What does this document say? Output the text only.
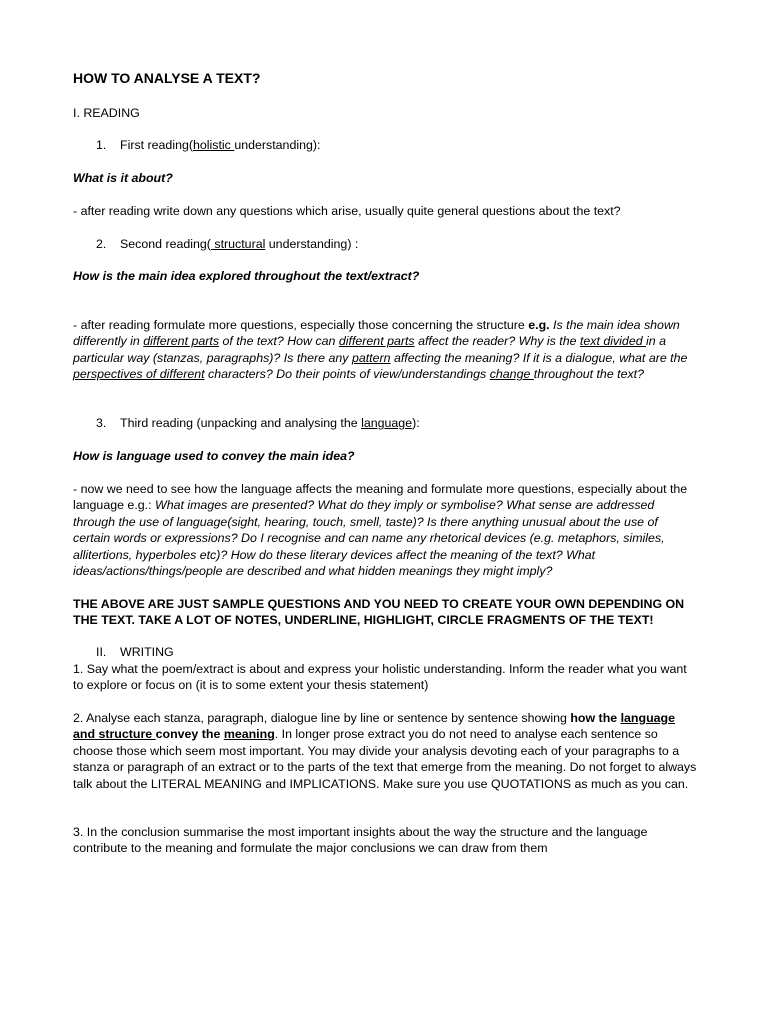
HOW TO ANALYSE A TEXT?
I. READING
1. First reading(holistic understanding):
What is it about?
- after reading write down any questions which arise, usually quite general questions about the text?
2. Second reading( structural understanding) :
How is the main idea explored throughout the text/extract?
- after reading formulate more questions, especially those concerning the structure e.g. Is the main idea shown differently in different parts of the text? How can different parts affect the reader? Why is the text divided in a particular way (stanzas, paragraphs)? Is there any pattern affecting the meaning? If it is a dialogue, what are the perspectives of different characters? Do their points of view/understandings change throughout the text?
3. Third reading (unpacking and analysing the language):
How is language used to convey the main idea?
- now we need to see how the language affects the meaning and formulate more questions, especially about the language e.g.: What images are presented? What do they imply or symbolise? What sense are addressed through the use of language(sight, hearing, touch, smell, taste)? Is there anything unusual about the use of certain words or expressions? Do I recognise and can name any rhetorical devices (e.g. metaphors, similes, allitertions, hyperboles etc)? How do these literary devices affect the meaning of the text? What ideas/actions/things/people are described and what hidden meanings they might imply?
THE ABOVE ARE JUST SAMPLE QUESTIONS AND YOU NEED TO CREATE YOUR OWN DEPENDING ON THE TEXT. TAKE A LOT OF NOTES, UNDERLINE, HIGHLIGHT, CIRCLE FRAGMENTS OF THE TEXT!
II. WRITING
1. Say what the poem/extract is about and express your holistic understanding. Inform the reader what you want to explore or focus on (it is to some extent your thesis statement)
2. Analyse each stanza, paragraph, dialogue line by line or sentence by sentence showing how the language and structure convey the meaning. In longer prose extract you do not need to analyse each sentence so choose those which seem most important. You may divide your analysis devoting each of your paragraphs to a stanza or paragraph of an extract or to the parts of the text that emerge from the meaning. Do not forget to always talk about the LITERAL MEANING and IMPLICATIONS. Make sure you use QUOTATIONS as much as you can.
3. In the conclusion summarise the most important insights about the way the structure and the language contribute to the meaning and formulate the major conclusions we can draw from them
